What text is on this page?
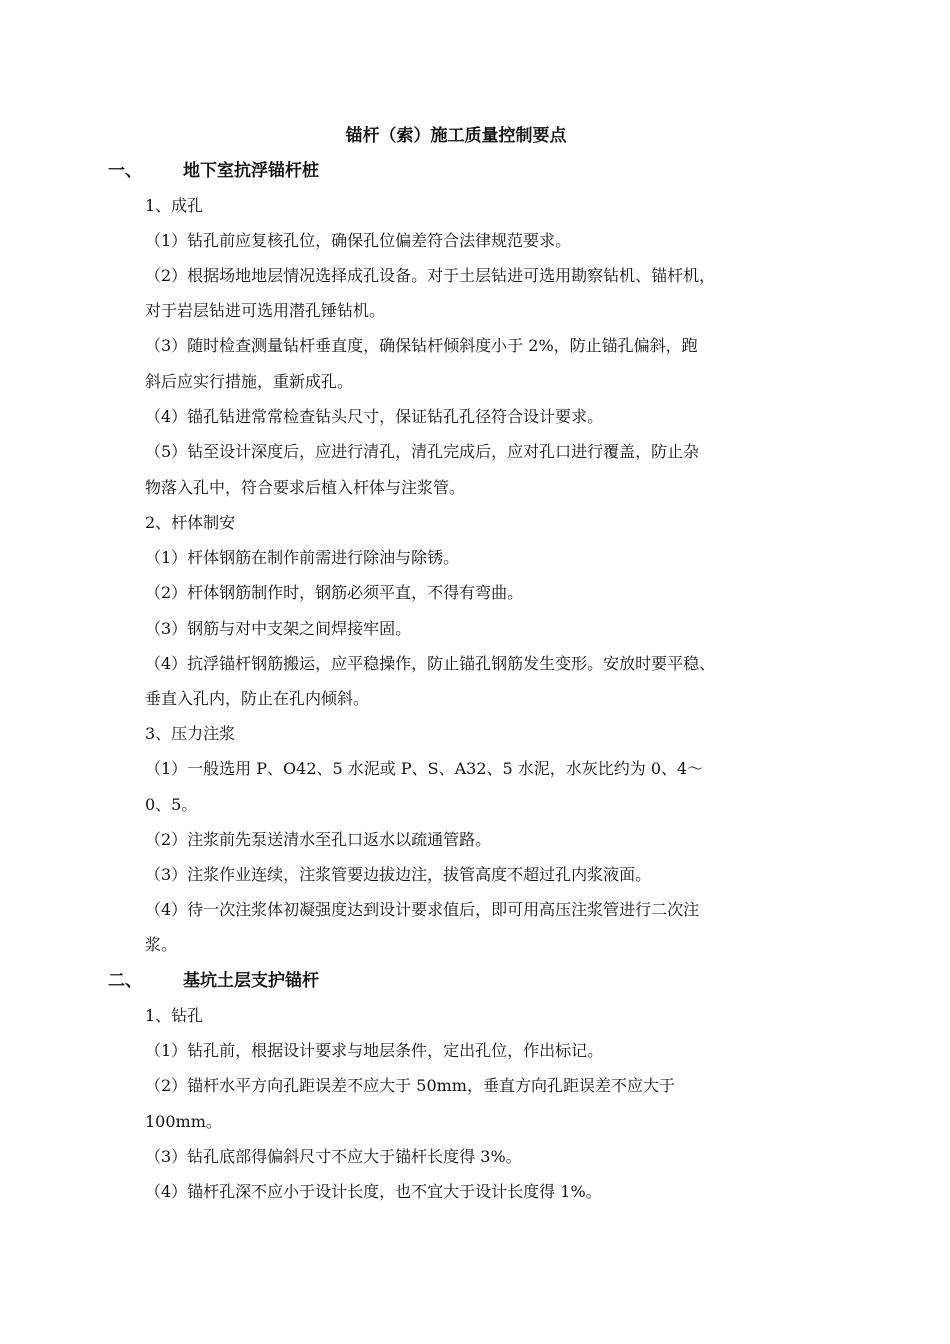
锚杆（索）施工质量控制要点
一、 地下室抗浮锚杆桩
1、成孔
（1）钻孔前应复核孔位，确保孔位偏差符合法律规范要求。
（2）根据场地地层情况选择成孔设备。对于土层钻进可选用勘察钻机、锚杆机，
对于岩层钻进可选用潜孔锤钻机。
（3）随时检查测量钻杆垂直度，确保钻杆倾斜度小于 2%，防止锚孔偏斜，跑
斜后应实行措施，重新成孔。
（4）锚孔钻进常常检查钻头尺寸，保证钻孔孔径符合设计要求。
（5）钻至设计深度后，应进行清孔，清孔完成后，应对孔口进行覆盖，防止杂
物落入孔中，符合要求后植入杆体与注浆管。
2、杆体制安
（1）杆体钢筋在制作前需进行除油与除锈。
（2）杆体钢筋制作时，钢筋必须平直，不得有弯曲。
（3）钢筋与对中支架之间焊接牢固。
（4）抗浮锚杆钢筋搬运，应平稳操作，防止锚孔钢筋发生变形。安放时要平稳、
垂直入孔内，防止在孔内倾斜。
3、压力注浆
（1）一般选用 P、O42、5 水泥或 P、S、A32、5 水泥，水灰比约为 0、4～
0、5。
（2）注浆前先泵送清水至孔口返水以疏通管路。
（3）注浆作业连续，注浆管要边拔边注，拔管高度不超过孔内浆液面。
（4）待一次注浆体初凝强度达到设计要求值后，即可用高压注浆管进行二次注
浆。
二、 基坑土层支护锚杆
1、钻孔
（1）钻孔前，根据设计要求与地层条件，定出孔位，作出标记。
（2）锚杆水平方向孔距误差不应大于 50mm，垂直方向孔距误差不应大于
100mm。
（3）钻孔底部得偏斜尺寸不应大于锚杆长度得 3%。
（4）锚杆孔深不应小于设计长度，也不宜大于设计长度得 1%。
